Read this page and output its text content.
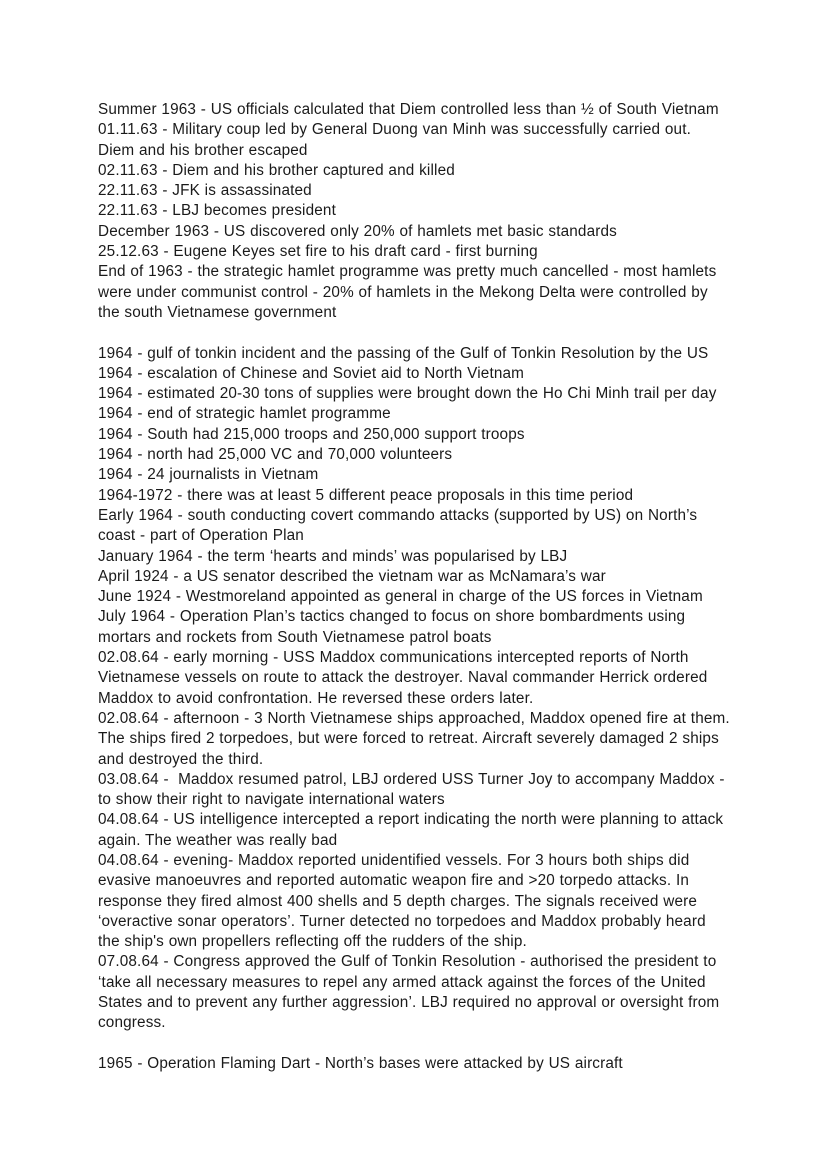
Summer 1963 - US officials calculated that Diem controlled less than ½ of South Vietnam

01.11.63 - Military coup led by General Duong van Minh was successfully carried out. Diem and his brother escaped

02.11.63 - Diem and his brother captured and killed

22.11.63 - JFK is assassinated

22.11.63 - LBJ becomes president

December 1963 - US discovered only 20% of hamlets met basic standards

25.12.63 - Eugene Keyes set fire to his draft card - first burning

End of 1963 - the strategic hamlet programme was pretty much cancelled - most hamlets were under communist control - 20% of hamlets in the Mekong Delta were controlled by the south Vietnamese government

1964 - gulf of tonkin incident and the passing of the Gulf of Tonkin Resolution by the US

1964 - escalation of Chinese and Soviet aid to North Vietnam

1964 - estimated 20-30 tons of supplies were brought down the Ho Chi Minh trail per day

1964 - end of strategic hamlet programme

1964 - South had 215,000 troops and 250,000 support troops

1964 - north had 25,000 VC and 70,000 volunteers

1964 - 24 journalists in Vietnam

1964-1972 - there was at least 5 different peace proposals in this time period

Early 1964 - south conducting covert commando attacks (supported by US) on North’s coast - part of Operation Plan

January 1964 - the term ‘hearts and minds’ was popularised by LBJ

April 1924 - a US senator described the vietnam war as McNamara’s war

June 1924 - Westmoreland appointed as general in charge of the US forces in Vietnam

July 1964 - Operation Plan’s tactics changed to focus on shore bombardments using mortars and rockets from South Vietnamese patrol boats

02.08.64 - early morning - USS Maddox communications intercepted reports of North Vietnamese vessels on route to attack the destroyer. Naval commander Herrick ordered Maddox to avoid confrontation. He reversed these orders later.

02.08.64 - afternoon - 3 North Vietnamese ships approached, Maddox opened fire at them. The ships fired 2 torpedoes, but were forced to retreat. Aircraft severely damaged 2 ships and destroyed the third.

03.08.64 -  Maddox resumed patrol, LBJ ordered USS Turner Joy to accompany Maddox - to show their right to navigate international waters

04.08.64 - US intelligence intercepted a report indicating the north were planning to attack again. The weather was really bad

04.08.64 - evening- Maddox reported unidentified vessels. For 3 hours both ships did evasive manoeuvres and reported automatic weapon fire and >20 torpedo attacks. In response they fired almost 400 shells and 5 depth charges. The signals received were ‘overactive sonar operators’. Turner detected no torpedoes and Maddox probably heard the ship's own propellers reflecting off the rudders of the ship.

07.08.64 - Congress approved the Gulf of Tonkin Resolution - authorised the president to ‘take all necessary measures to repel any armed attack against the forces of the United States and to prevent any further aggression’. LBJ required no approval or oversight from congress.

1965 - Operation Flaming Dart - North’s bases were attacked by US aircraft
